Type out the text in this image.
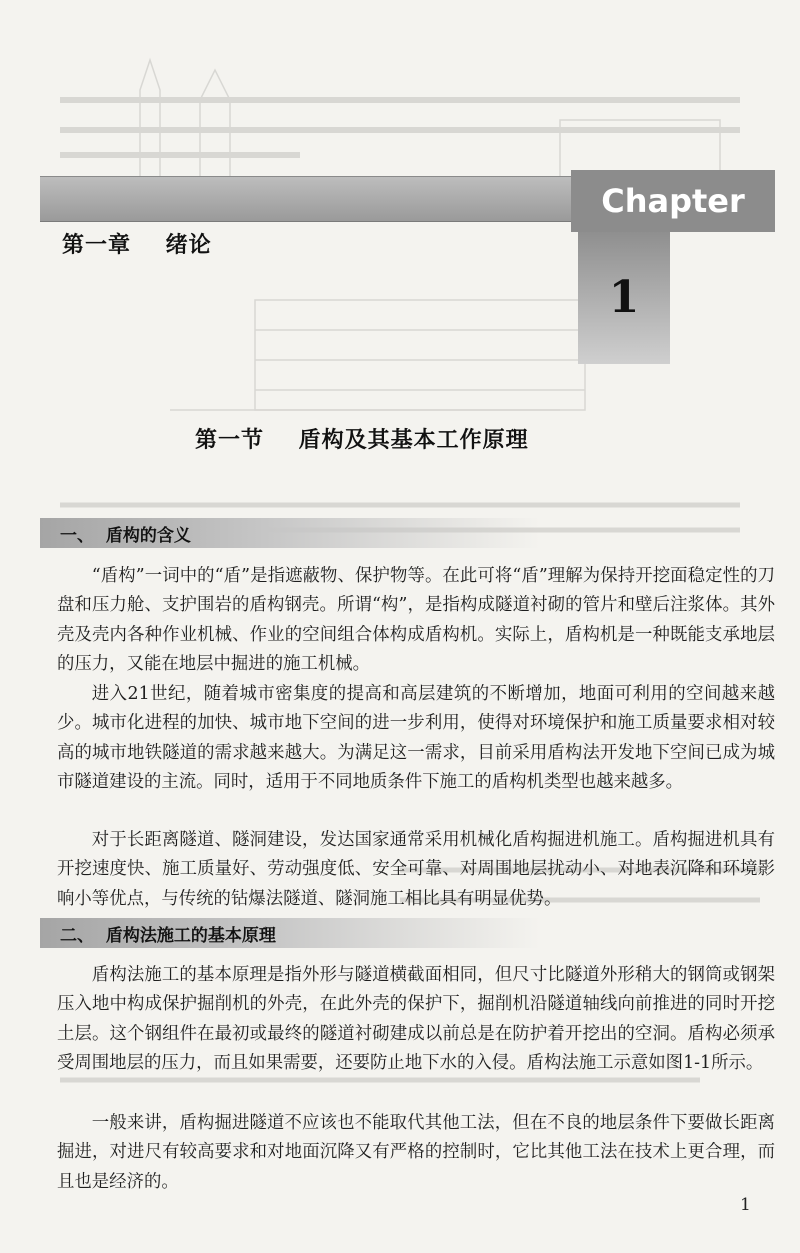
Chapter
1
第一章    绪论
第一节    盾构及其基本工作原理
一、  盾构的含义

“盾构”一词中的“盾”是指遮蔽物、保护物等。在此可将“盾”理解为保持开挖面稳定性的刀盘和压力舱、支护围岩的盾构钢壳。所谓“构”，是指构成隧道衬砌的管片和壁后注浆体。其外壳及壳内各种作业机械、作业的空间组合体构成盾构机。实际上，盾构机是一种既能支承地层的压力，又能在地层中掘进的施工机械。

进入21世纪，随着城市密集度的提高和高层建筑的不断增加，地面可利用的空间越来越少。城市化进程的加快、城市地下空间的进一步利用，使得对环境保护和施工质量要求相对较高的城市地铁隧道的需求越来越大。为满足这一需求，目前采用盾构法开发地下空间已成为城市隧道建设的主流。同时，适用于不同地质条件下施工的盾构机类型也越来越多。

对于长距离隧道、隧洞建设，发达国家通常采用机械化盾构掘进机施工。盾构掘进机具有开挖速度快、施工质量好、劳动强度低、安全可靠、对周围地层扰动小、对地表沉降和环境影响小等优点，与传统的钻爆法隧道、隧洞施工相比具有明显优势。

二、  盾构法施工的基本原理

盾构法施工的基本原理是指外形与隧道横截面相同，但尺寸比隧道外形稍大的钢筒或钢架压入地中构成保护掘削机的外壳，在此外壳的保护下，掘削机沿隧道轴线向前推进的同时开挖土层。这个钢组件在最初或最终的隧道衬砌建成以前总是在防护着开挖出的空洞。盾构必须承受周围地层的压力，而且如果需要，还要防止地下水的入侵。盾构法施工示意如图1-1所示。

一般来讲，盾构掘进隧道不应该也不能取代其他工法，但在不良的地层条件下要做长距离掘进，对进尺有较高要求和对地面沉降又有严格的控制时，它比其他工法在技术上更合理，而且也是经济的。

1
